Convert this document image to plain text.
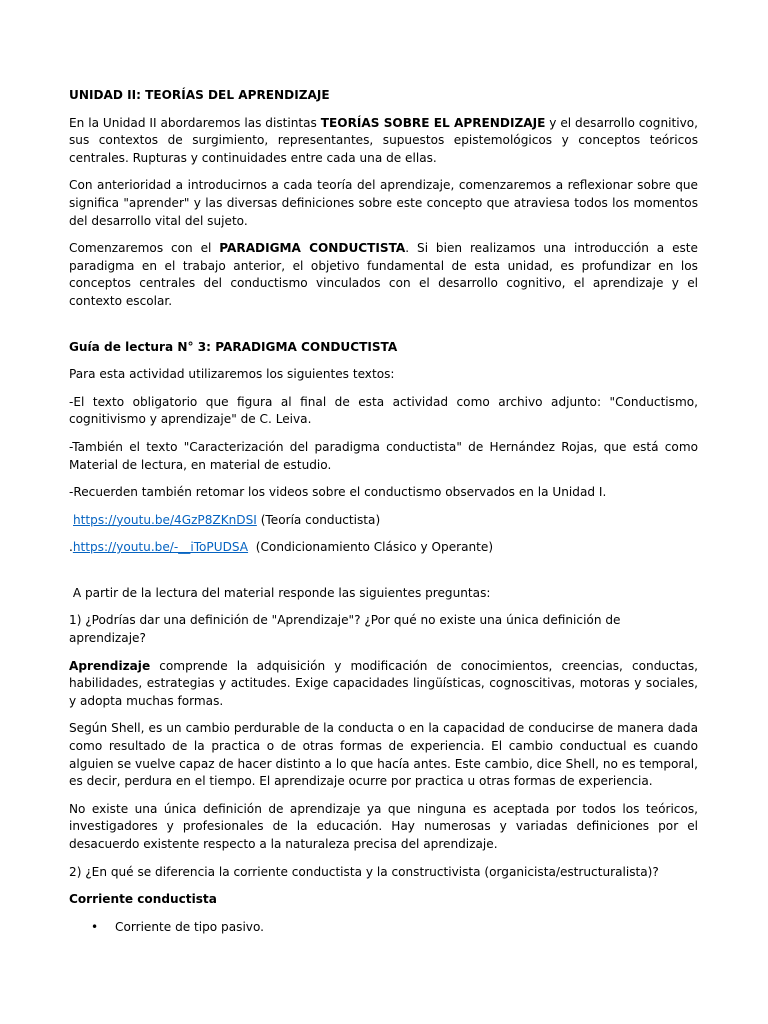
UNIDAD II: TEORÍAS DEL APRENDIZAJE

En la Unidad II abordaremos las distintas TEORÍAS SOBRE EL APRENDIZAJE y el desarrollo cognitivo, sus contextos de surgimiento, representantes, supuestos epistemológicos y conceptos teóricos centrales. Rupturas y continuidades entre cada una de ellas.

Con anterioridad a introducirnos a cada teoría del aprendizaje, comenzaremos a reflexionar sobre que significa "aprender" y las diversas definiciones sobre este concepto que atraviesa todos los momentos del desarrollo vital del sujeto.

Comenzaremos con el PARADIGMA CONDUCTISTA. Si bien realizamos una introducción a este paradigma en el trabajo anterior, el objetivo fundamental de esta unidad, es profundizar en los conceptos centrales del conductismo vinculados con el desarrollo cognitivo, el aprendizaje y el contexto escolar.

Guía de lectura N° 3: PARADIGMA CONDUCTISTA

Para esta actividad utilizaremos los siguientes textos:

-El texto obligatorio que figura al final de esta actividad como archivo adjunto: "Conductismo, cognitivismo y aprendizaje" de C. Leiva.

-También el texto "Caracterización del paradigma conductista" de Hernández Rojas, que está como Material de lectura, en material de estudio.

-Recuerden también retomar los videos sobre el conductismo observados en la Unidad I.

https://youtu.be/4GzP8ZKnDSI (Teoría conductista)

.https://youtu.be/-__iToPUDSA  (Condicionamiento Clásico y Operante)

A partir de la lectura del material responde las siguientes preguntas:

1) ¿Podrías dar una definición de "Aprendizaje"? ¿Por qué no existe una única definición de aprendizaje?

Aprendizaje comprende la adquisición y modificación de conocimientos, creencias, conductas, habilidades, estrategias y actitudes. Exige capacidades lingüísticas, cognoscitivas, motoras y sociales, y adopta muchas formas.

Según Shell, es un cambio perdurable de la conducta o en la capacidad de conducirse de manera dada como resultado de la practica o de otras formas de experiencia. El cambio conductual es cuando alguien se vuelve capaz de hacer distinto a lo que hacía antes. Este cambio, dice Shell, no es temporal, es decir, perdura en el tiempo. El aprendizaje ocurre por practica u otras formas de experiencia.

No existe una única definición de aprendizaje ya que ninguna es aceptada por todos los teóricos, investigadores y profesionales de la educación. Hay numerosas y variadas definiciones por el desacuerdo existente respecto a la naturaleza precisa del aprendizaje.

2) ¿En qué se diferencia la corriente conductista y la constructivista (organicista/estructuralista)?

Corriente conductista

• Corriente de tipo pasivo.
